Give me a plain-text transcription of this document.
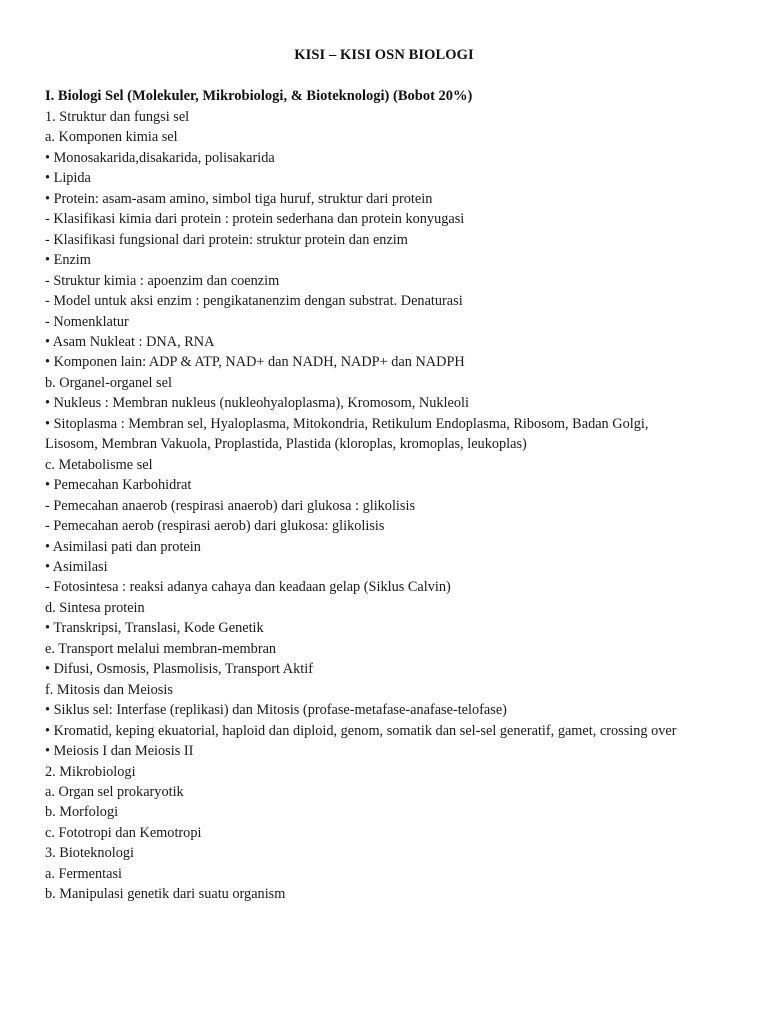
KISI – KISI OSN BIOLOGI
I. Biologi Sel (Molekuler, Mikrobiologi, & Bioteknologi) (Bobot 20%)
1. Struktur dan fungsi sel
a. Komponen kimia sel
• Monosakarida,disakarida, polisakarida
• Lipida
• Protein: asam-asam amino, simbol tiga huruf, struktur dari protein
- Klasifikasi kimia dari protein : protein sederhana dan protein konyugasi
- Klasifikasi fungsional dari protein: struktur protein dan enzim
• Enzim
- Struktur kimia : apoenzim dan coenzim
- Model untuk aksi enzim : pengikatanenzim dengan substrat. Denaturasi
- Nomenklatur
• Asam Nukleat : DNA, RNA
• Komponen lain: ADP & ATP, NAD+ dan NADH, NADP+ dan NADPH
b. Organel-organel sel
• Nukleus : Membran nukleus (nukleohyaloplasma), Kromosom, Nukleoli
• Sitoplasma : Membran sel, Hyaloplasma, Mitokondria, Retikulum Endoplasma, Ribosom, Badan Golgi,
Lisosom, Membran Vakuola, Proplastida, Plastida (kloroplas, kromoplas, leukoplas)
c. Metabolisme sel
• Pemecahan Karbohidrat
- Pemecahan anaerob (respirasi anaerob) dari glukosa : glikolisis
- Pemecahan aerob (respirasi aerob) dari glukosa: glikolisis
• Asimilasi pati dan protein
• Asimilasi
- Fotosintesa : reaksi adanya cahaya dan keadaan gelap (Siklus Calvin)
d. Sintesa protein
• Transkripsi, Translasi, Kode Genetik
e. Transport melalui membran-membran
• Difusi, Osmosis, Plasmolisis, Transport Aktif
f. Mitosis dan Meiosis
• Siklus sel: Interfase (replikasi) dan Mitosis (profase-metafase-anafase-telofase)
• Kromatid, keping ekuatorial, haploid dan diploid, genom, somatik dan sel-sel generatif, gamet, crossing over
• Meiosis I dan Meiosis II
2. Mikrobiologi
a. Organ sel prokaryotik
b. Morfologi
c. Fototropi dan Kemotropi
3. Bioteknologi
a. Fermentasi
b. Manipulasi genetik dari suatu organism
